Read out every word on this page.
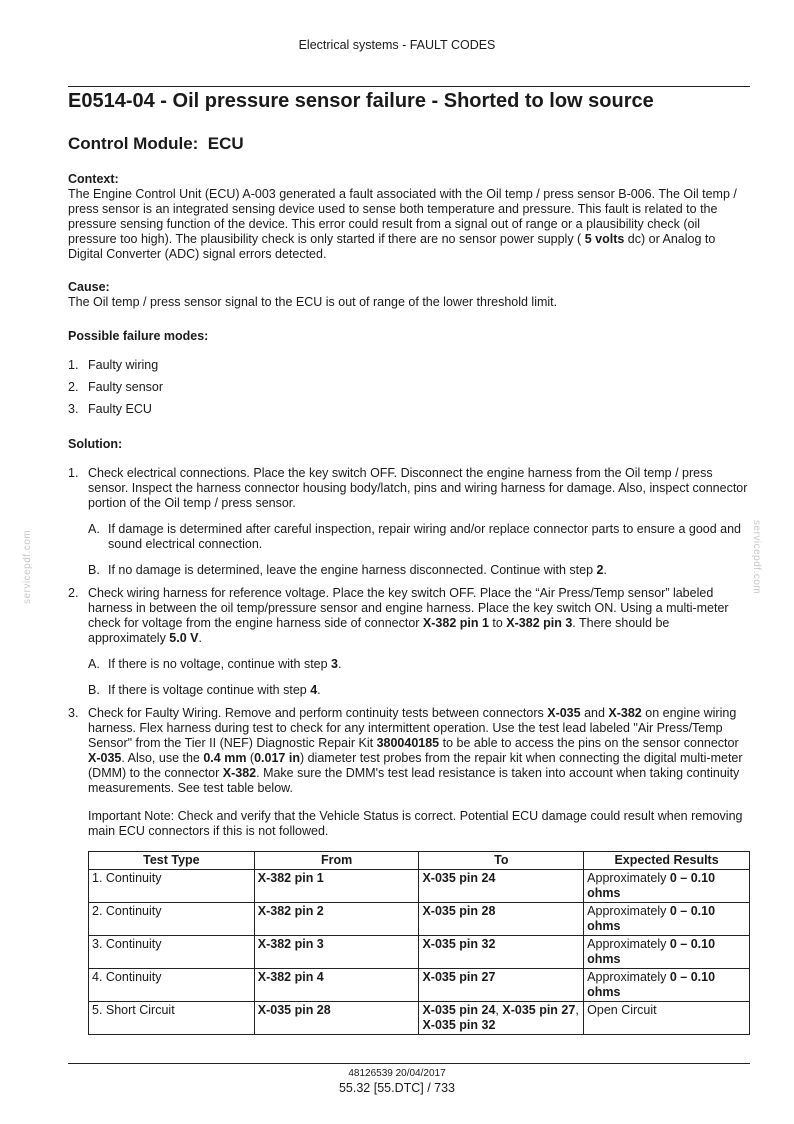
Electrical systems - FAULT CODES
servicepdf.com	servicepdf.com
E0514-04 - Oil pressure sensor failure - Shorted to low source
Control Module: ECU

Context:

The Engine Control Unit (ECU) A-003 generated a fault associated with the Oil temp / press sensor B-006. The Oil temp / press sensor is an integrated sensing device used to sense both temperature and pressure. This fault is related to the pressure sensing function of the device. This error could result from a signal out of range or a plausibility check (oil pressure too high). The plausibility check is only started if there are no sensor power supply ( 5 volts dc) or Analog to Digital Converter (ADC) signal errors detected.

Cause:

The Oil temp / press sensor signal to the ECU is out of range of the lower threshold limit.

Possible failure modes:

1. Faulty wiring
2. Faulty sensor
3. Faulty ECU

Solution:

1. Check electrical connections. Place the key switch OFF. Disconnect the engine harness from the Oil temp / press sensor. Inspect the harness connector housing body/latch, pins and wiring harness for damage. Also, inspect connector portion of the Oil temp / press sensor.
A. If damage is determined after careful inspection, repair wiring and/or replace connector parts to ensure a good and sound electrical connection.
B. If no damage is determined, leave the engine harness disconnected. Continue with step 2.
2. Check wiring harness for reference voltage. Place the key switch OFF. Place the “Air Press/Temp sensor” labeled harness in between the oil temp/pressure sensor and engine harness. Place the key switch ON. Using a multi-meter check for voltage from the engine harness side of connector X-382 pin 1 to X-382 pin 3. There should be approximately 5.0 V.
A. If there is no voltage, continue with step 3.
B. If there is voltage continue with step 4.
3. Check for Faulty Wiring. Remove and perform continuity tests between connectors X-035 and X-382 on engine wiring harness. Flex harness during test to check for any intermittent operation. Use the test lead labeled "Air Press/Temp Sensor" from the Tier II (NEF) Diagnostic Repair Kit 380040185 to be able to access the pins on the sensor connector X-035. Also, use the 0.4 mm (0.017 in) diameter test probes from the repair kit when connecting the digital multi-meter (DMM) to the connector X-382. Make sure the DMM's test lead resistance is taken into account when taking continuity measurements. See test table below.

Important Note: Check and verify that the Vehicle Status is correct. Potential ECU damage could result when removing main ECU connectors if this is not followed.

Test Type	From	To	Expected Results
1. Continuity	X-382 pin 1	X-035 pin 24	Approximately 0 – 0.10 ohms
2. Continuity	X-382 pin 2	X-035 pin 28	Approximately 0 – 0.10 ohms
3. Continuity	X-382 pin 3	X-035 pin 32	Approximately 0 – 0.10 ohms
4. Continuity	X-382 pin 4	X-035 pin 27	Approximately 0 – 0.10 ohms
5. Short Circuit	X-035 pin 28	X-035 pin 24, X-035 pin 27, X-035 pin 32	Open Circuit
48126539 20/04/2017
55.32 [55.DTC] / 733
